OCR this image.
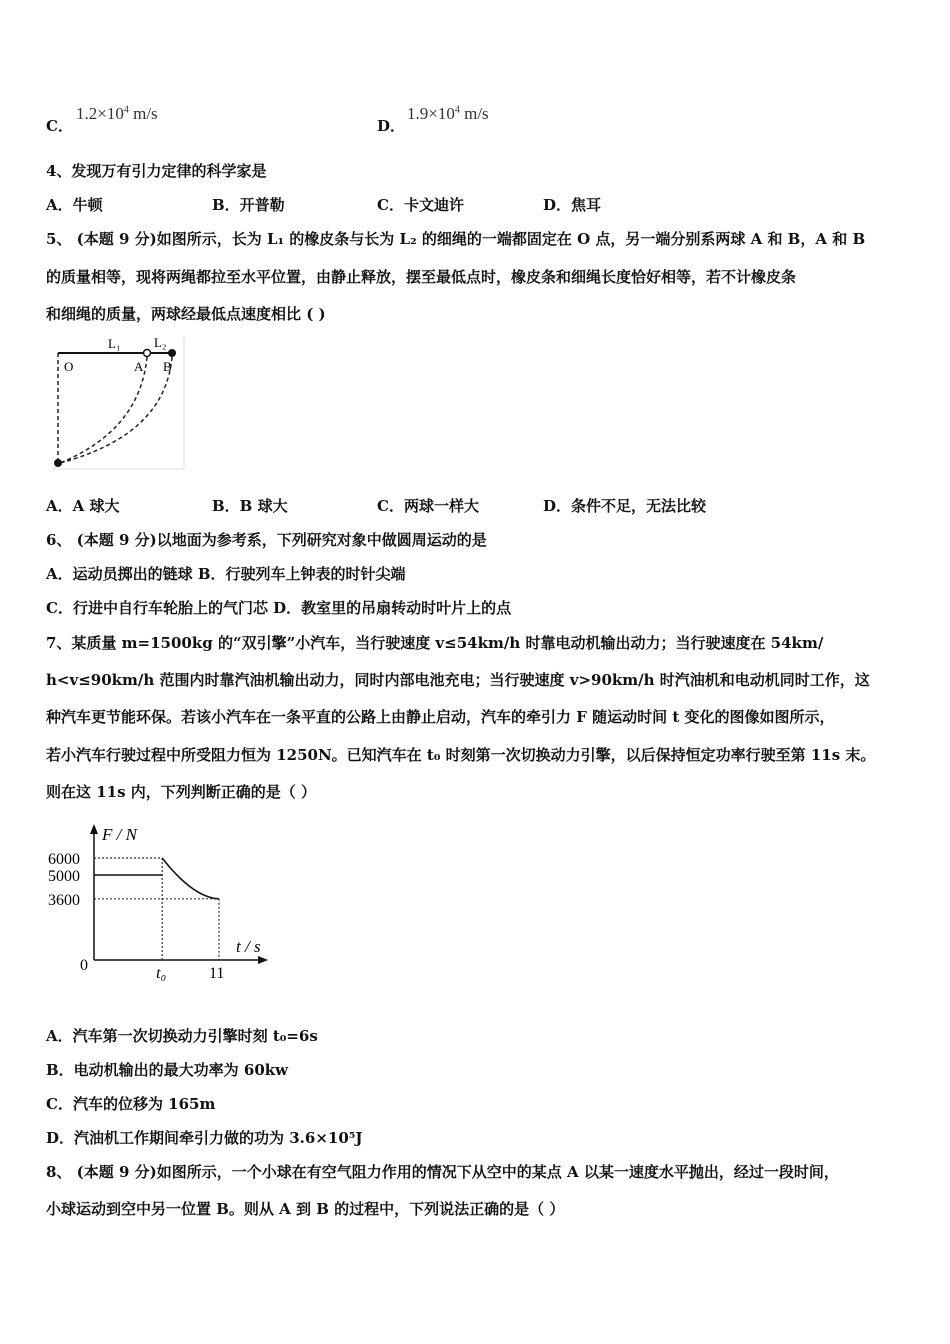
C．
$1.2\times 10^4$ m/s
D．
$1.9\times 10^4$ m/s
4、发现万有引力定律的科学家是
A．牛顿	B．开普勒	C．卡文迪许	D．焦耳
5、 (本题 9 分)如图所示，长为 L₁ 的橡皮条与长为 L₂ 的细绳的一端都固定在 O 点，另一端分别系两球 A 和 B，A 和 B
的质量相等，现将两绳都拉至水平位置，由静止释放，摆至最低点时，橡皮条和细绳长度恰好相等，若不计橡皮条
和细绳的质量，两球经最低点速度相比 ( )
L₁	L₂
O	A B
A．A 球大	B．B 球大	C．两球一样大	D．条件不足，无法比较
6、 (本题 9 分)以地面为参考系，下列研究对象中做圆周运动的是
A．运动员掷出的链球 B．行驶列车上钟表的时针尖端
C．行进中自行车轮胎上的气门芯 D．教室里的吊扇转动时叶片上的点
7、某质量 m=1500kg 的“双引擎”小汽车，当行驶速度 v≤54km/h 时靠电动机输出动力；当行驶速度在 54km/
h<v≤90km/h 范围内时靠汽油机输出动力，同时内部电池充电；当行驶速度 v>90km/h 时汽油机和电动机同时工作，这
种汽车更节能环保。若该小汽车在一条平直的公路上由静止启动，汽车的牵引力 F 随运动时间 t 变化的图像如图所示，
若小汽车行驶过程中所受阻力恒为 1250N。已知汽车在 t₀ 时刻第一次切换动力引擎，以后保持恒定功率行驶至第 11s 末。
则在这 11s 内，下列判断正确的是（ ）
F / N
t / s
0
6000
5000
3600
t₀	11
A．汽车第一次切换动力引擎时刻 t₀=6s
B．电动机输出的最大功率为 60kw
C．汽车的位移为 165m
D．汽油机工作期间牵引力做的功为 3.6×10⁵J
8、 (本题 9 分)如图所示，一个小球在有空气阻力作用的情况下从空中的某点 A 以某一速度水平抛出，经过一段时间，
小球运动到空中另一位置 B。则从 A 到 B 的过程中，下列说法正确的是（ ）
